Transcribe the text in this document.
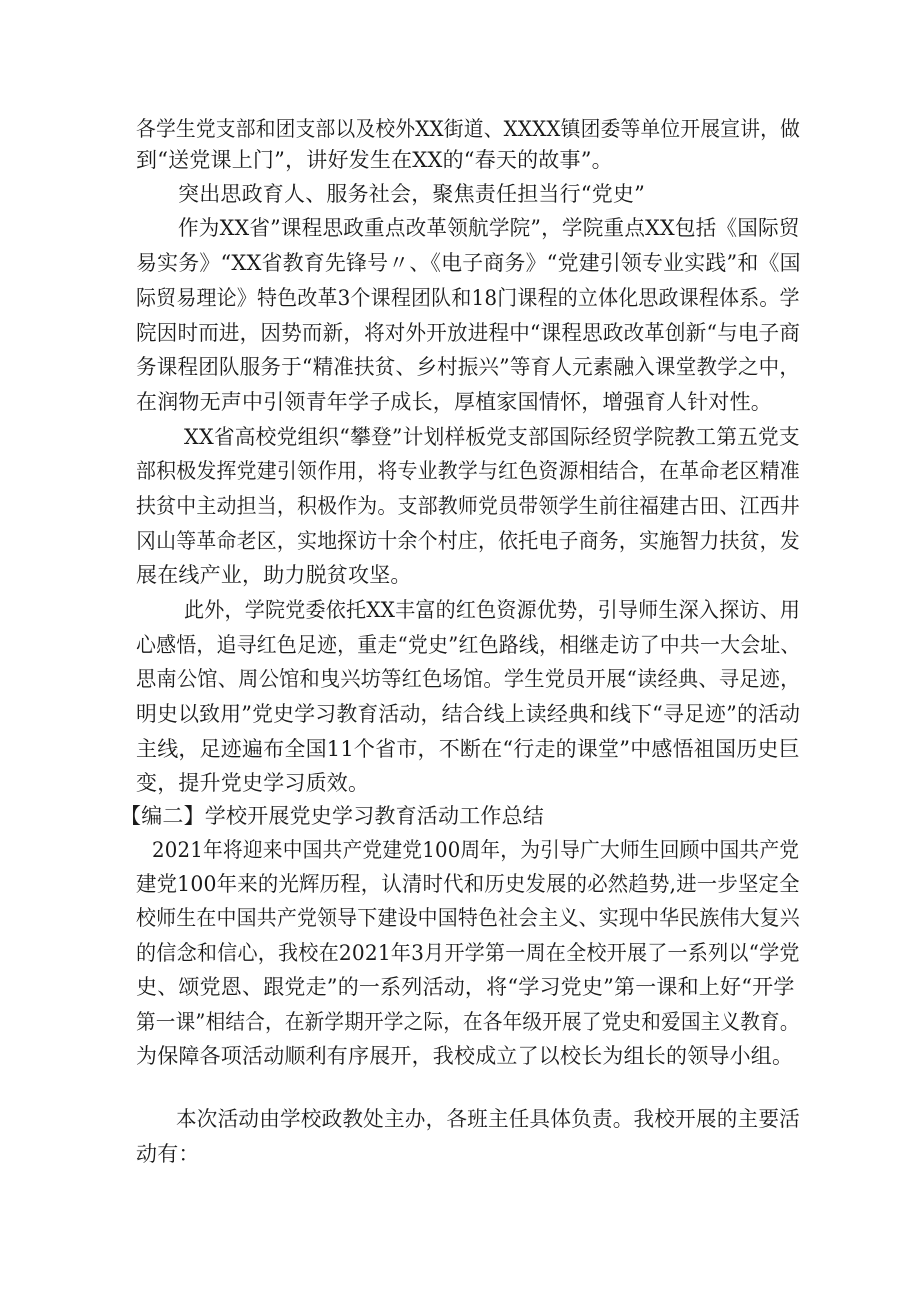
各学生党支部和团支部以及校外XX街道、XXXX镇团委等单位开展宣讲，做
到“送党课上门”，讲好发生在XX的“春天的故事”。
突出思政育人、服务社会，聚焦责任担当行“党史”
作为XX省”课程思政重点改革领航学院”，学院重点XX包括《国际贸
易实务》“XX省教育先锋号〃、《电子商务》“党建引领专业实践”和《国
际贸易理论》特色改革3个课程团队和18门课程的立体化思政课程体系。学
院因时而进，因势而新，将对外开放进程中“课程思政改革创新“与电子商
务课程团队服务于“精准扶贫、乡村振兴”等育人元素融入课堂教学之中，
在润物无声中引领青年学子成长，厚植家国情怀，增强育人针对性。
XX省高校党组织“攀登”计划样板党支部国际经贸学院教工第五党支
部积极发挥党建引领作用，将专业教学与红色资源相结合，在革命老区精准
扶贫中主动担当，积极作为。支部教师党员带领学生前往福建古田、江西井
冈山等革命老区，实地探访十余个村庄，依托电子商务，实施智力扶贫，发
展在线产业，助力脱贫攻坚。
此外，学院党委依托XX丰富的红色资源优势，引导师生深入探访、用
心感悟，追寻红色足迹，重走“党史”红色路线，相继走访了中共一大会址、
思南公馆、周公馆和曳兴坊等红色场馆。学生党员开展“读经典、寻足迹，
明史以致用”党史学习教育活动，结合线上读经典和线下“寻足迹”的活动
主线，足迹遍布全国11个省市，不断在“行走的课堂”中感悟祖国历史巨
变，提升党史学习质效。
【编二】学校开展党史学习教育活动工作总结
2021年将迎来中国共产党建党100周年，为引导广大师生回顾中国共产党
建党100年来的光辉历程，认清时代和历史发展的必然趋势,进一步坚定全
校师生在中国共产党领导下建设中国特色社会主义、实现中华民族伟大复兴
的信念和信心，我校在2021年3月开学第一周在全校开展了一系列以“学党
史、颂党恩、跟党走”的一系列活动，将“学习党史”第一课和上好“开学
第一课”相结合，在新学期开学之际，在各年级开展了党史和爱国主义教育。
为保障各项活动顺利有序展开，我校成立了以校长为组长的领导小组。
本次活动由学校政教处主办，各班主任具体负责。我校开展的主要活
动有：
